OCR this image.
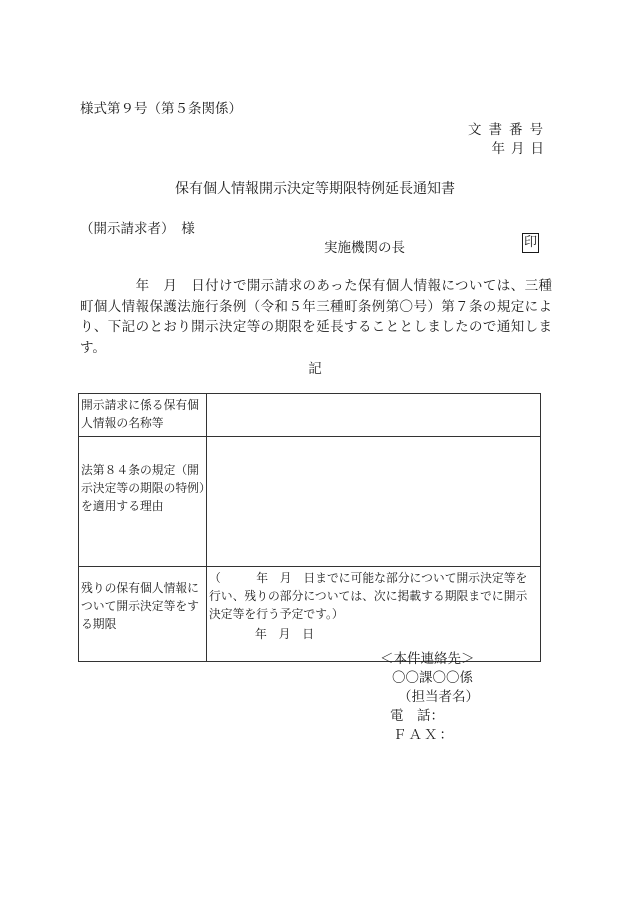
様式第９号（第５条関係）
文書番号
年月日
保有個人情報開示決定等期限特例延長通知書
（開示請求者）　様
実施機関の長	印
　　　　年　月　日付けで開示請求のあった保有個人情報については、三種町個人情報保護法施行条例（令和５年三種町条例第〇号）第７条の規定により、下記のとおり開示決定等の期限を延長することとしましたので通知します。
記
開示請求に係る保有個人情報の名称等	
法第８４条の規定（開示決定等の期限の特例）を適用する理由	
残りの保有個人情報について開示決定等をする期限	（　　　年　月　日までに可能な部分について開示決定等を行い、残りの部分については、次に掲載する期限までに開示決定等を行う予定です。）
年　月　日
＜本件連絡先＞
〇〇課〇〇係
（担当者名）
電　話：
ＦＡＸ：
